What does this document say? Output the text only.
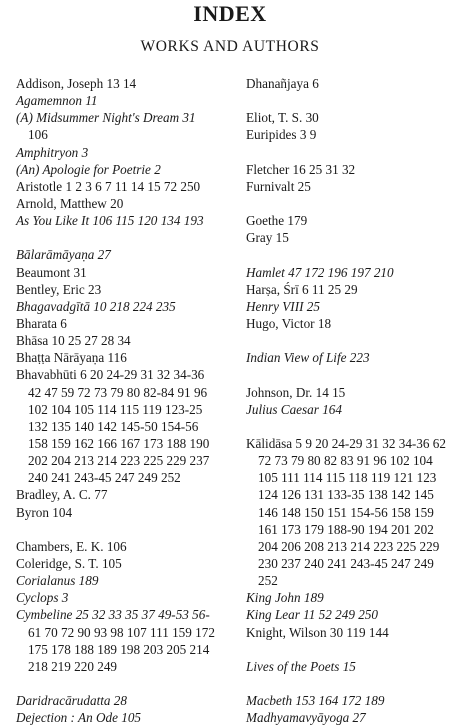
INDEX
WORKS AND AUTHORS
Addison, Joseph 13 14
Agamemnon 11
(A) Midsummer Night's Dream 31
106
Amphitryon 3
(An) Apologie for Poetrie 2
Aristotle 1 2 3 6 7 11 14 15 72 250
Arnold, Matthew 20
As You Like It 106 115 120 134 193

Bālarāmāyaṇa 27
Beaumont 31
Bentley, Eric 23
Bhagavadgītā 10 218 224 235
Bharata 6
Bhāsa 10 25 27 28 34
Bhaṭṭa Nārāyaṇa 116
Bhavabhūti 6 20 24-29 31 32 34-36
42 47 59 72 73 79 80 82-84 91 96
102 104 105 114 115 119 123-25
132 135 140 142 145-50 154-56
158 159 162 166 167 173 188 190
202 204 213 214 223 225 229 237
240 241 243-45 247 249 252
Bradley, A. C. 77
Byron 104

Chambers, E. K. 106
Coleridge, S. T. 105
Corialanus 189
Cyclops 3
Cymbeline 25 32 33 35 37 49-53 56-
61 70 72 90 93 98 107 111 159 172
175 178 188 189 198 203 205 214
218 219 220 249

Daridracārudatta 28
Dejection : An Ode 105
Dhanañjaya 6

Eliot, T. S. 30
Euripides 3 9

Fletcher 16 25 31 32
Furnivalt 25

Goethe 179
Gray 15

Hamlet 47 172 196 197 210
Harṣa, Śrī 6 11 25 29
Henry VIII 25
Hugo, Victor 18

Indian View of Life 223

Johnson, Dr. 14 15
Julius Caesar 164

Kālidāsa 5 9 20 24-29 31 32 34-36 62
72 73 79 80 82 83 91 96 102 104
105 111 114 115 118 119 121 123
124 126 131 133-35 138 142 145
146 148 150 151 154-56 158 159
161 173 179 188-90 194 201 202
204 206 208 213 214 223 225 229
230 237 240 241 243-45 247 249
252
King John 189
King Lear 11 52 249 250
Knight, Wilson 30 119 144

Lives of the Poets 15

Macbeth 153 164 172 189
Madhyamavyāyoga 27
